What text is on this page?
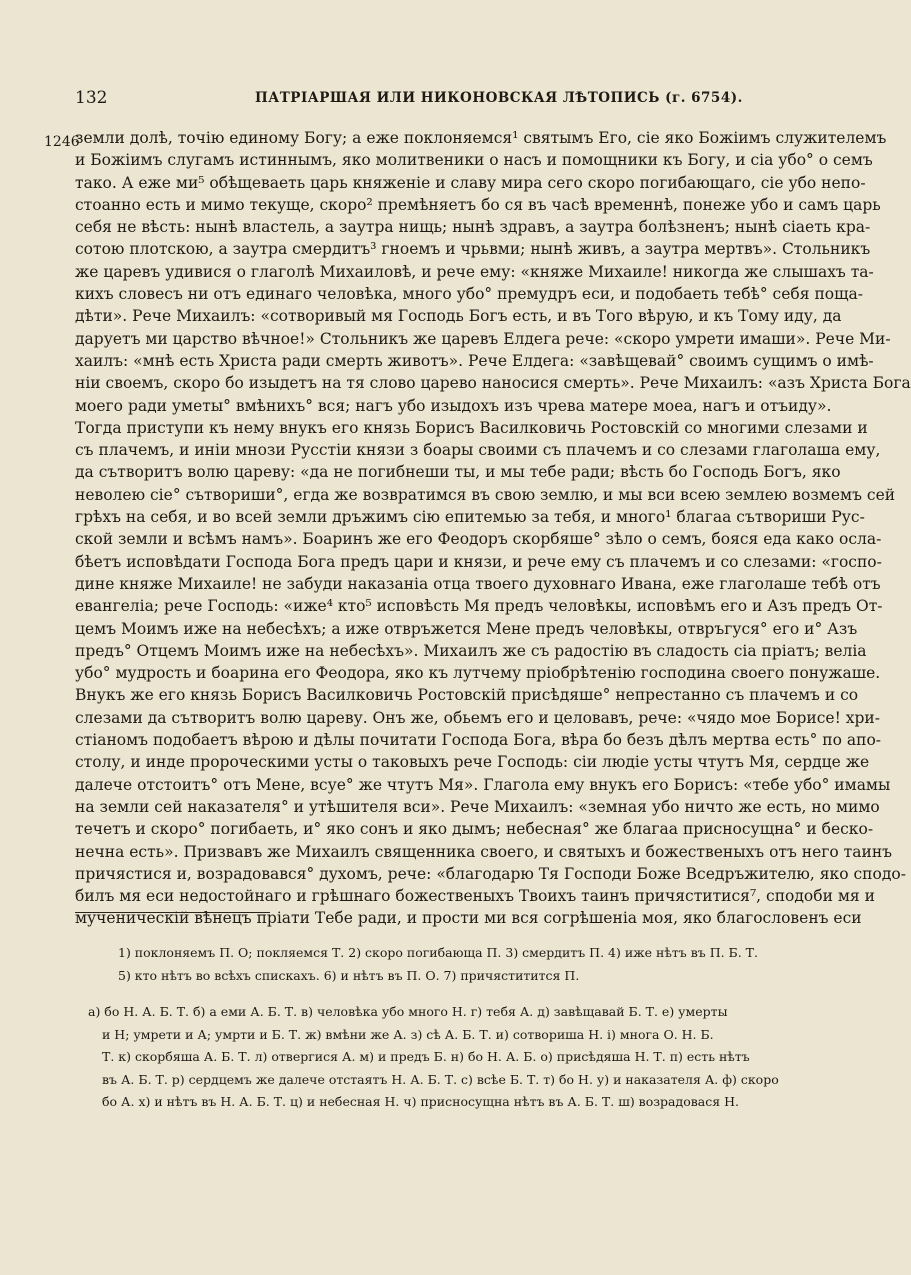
132	ПАТРІАРШАЯ ИЛИ НИКОНОВСКАЯ ЛѢТОПИСЬ (г. 6754).
1246
земли долѣ, точію единому Богу; а еже поклоняемся¹ святымъ Его, сіе яко Божіимъ служителемъ
и Божіимъ слугамъ истиннымъ, яко молитвеники о насъ и помощники къ Богу, и сіа убо° о семъ
тако. А еже ми⁵ обѣщеваеть царь княженіе и славу мира сего скоро погибающаго, сіе убо непо-
стоанно есть и мимо текуще, скоро² премѣняетъ бо ся въ часѣ временнѣ, понеже убо и самъ царь
себя не вѣсть: нынѣ властель, а заутра нищь; нынѣ здравъ, а заутра болѣзненъ; нынѣ сіаеть кра-
сотою плотскою, а заутра смердитъ³ гноемъ и чрьвми; нынѣ живъ, а заутра мертвъ». Стольникъ
же царевъ удивися о глаголѣ Михаиловѣ, и рече ему: «княже Михаиле! никогда же слышахъ та-
кихъ словесъ ни отъ единаго человѣка, много убо° премудръ еси, и подобаеть тебѣ° себя поща-
дѣти». Рече Михаилъ: «сотворивый мя Господь Богъ есть, и въ Того вѣрую, и къ Тому иду, да
даруетъ ми царство вѣчное!» Стольникъ же царевъ Елдега рече: «скоро умрети имаши». Рече Ми-
хаилъ: «мнѣ есть Христа ради смерть животъ». Рече Елдега: «завѣщевай° своимъ сущимъ о имѣ-
ніи своемъ, скоро бо изыдетъ на тя слово царево наносися смерть». Рече Михаилъ: «азъ Христа Бога
моего ради уметы° вмѣнихъ° вся; нагъ убо изыдохъ изъ чрева матере моеа, нагъ и отъиду».
Тогда приступи къ нему внукъ его князь Борисъ Василковичь Ростовскій со многими слезами и
съ плачемъ, и иніи мнози Русстіи князи з боары своими съ плачемъ и со слезами глаголаша ему,
да сътворитъ волю цареву: «да не погибнеши ты, и мы тебе ради; вѣсть бо Господь Богъ, яко
неволею сіе° сътвориши°, егда же возвратимся въ свою землю, и мы вси всею землею возмемъ сей
грѣхъ на себя, и во всей земли дръжимъ сію епитемью за тебя, и много¹ благаа сътвориши Рус-
ской земли и всѣмъ намъ». Боаринъ же его Феодоръ скорбяше° зѣло о семъ, бояся еда како осла-
бѣетъ исповѣдати Господа Бога предъ цари и князи, и рече ему съ плачемъ и со слезами: «госпо-
дине княже Михаиле! не забуди наказаніа отца твоего духовнаго Ивана, еже глаголаше тебѣ отъ
евангеліа; рече Господь: «иже⁴ кто⁵ исповѣсть Мя предъ человѣкы, исповѣмъ его и Азъ предъ От-
цемъ Моимъ иже на небесѣхъ; а иже отвръжется Мене предъ человѣкы, отвръгуся° его и° Азъ
предъ° Отцемъ Моимъ иже на небесѣхъ». Михаилъ же съ радостію въ сладость сіа пріатъ; веліа
убо° мудрость и боарина его Феодора, яко къ лутчему пріобрѣтенію господина своего понужаше.
Внукъ же его князь Борисъ Василковичь Ростовскій присѣдяше° непрестанно съ плачемъ и со
слезами да сътворитъ волю цареву. Онъ же, обьемъ его и целовавъ, рече: «чядо мое Борисе! хри-
стіаномъ подобаетъ вѣрою и дѣлы почитати Господа Бога, вѣра бо безъ дѣлъ мертва есть° по апо-
столу, и инде пророческими усты о таковыхъ рече Господь: сіи людіе усты чтутъ Мя, сердце же
далече отстоитъ° отъ Мене, всуе° же чтутъ Мя». Глагола ему внукъ его Борисъ: «тебе убо° имамы
на земли сей наказателя° и утѣшителя вси». Рече Михаилъ: «земная убо ничто же есть, но мимо
течетъ и скоро° погибаеть, и° яко сонъ и яко дымъ; небесная° же благаа присносущна° и беско-
нечна есть». Призвавъ же Михаилъ священника своего, и святыхъ и божественыхъ отъ него таинъ
причястися и, возрадовався° духомъ, рече: «благодарю Тя Господи Боже Вседръжителю, яко сподо-
билъ мя еси недостойнаго и грѣшнаго божественыхъ Твоихъ таинъ причяститися⁷, сподоби мя и
мученическій вѣнецъ пріати Тебе ради, и прости ми вся согрѣшеніа моя, яко благословенъ еси
1) поклоняемъ П. О; покляемся Т. 2) скоро погибающа П. 3) смердитъ П. 4) иже нѣтъ въ П. Б. Т.
5) кто нѣтъ во всѣхъ спискахъ. 6) и нѣтъ въ П. О. 7) причяститится П.
а) бо Н. А. Б. Т. б) а еми А. Б. Т. в) человѣка убо много Н. г) тебя А. д) завѣщавай Б. Т. е) умерты
и Н; умрети и А; умрти и Б. Т. ж) вмѣни же А. з) сѣ А. Б. Т. и) сотвориша Н. і) многа О. Н. Б.
Т. к) скорбяша А. Б. Т. л) отвергися А. м) и предъ Б. н) бо Н. А. Б. о) присѣдяша Н. Т. п) есть нѣтъ
въ А. Б. Т. р) сердцемъ же далече отстаятъ Н. А. Б. Т. с) всѣе Б. Т. т) бо Н. у) и наказателя А. ф) скоро
бо А. х) и нѣтъ въ Н. А. Б. Т. ц) и небесная Н. ч) присносущна нѣтъ въ А. Б. Т. ш) возрадовася Н.
